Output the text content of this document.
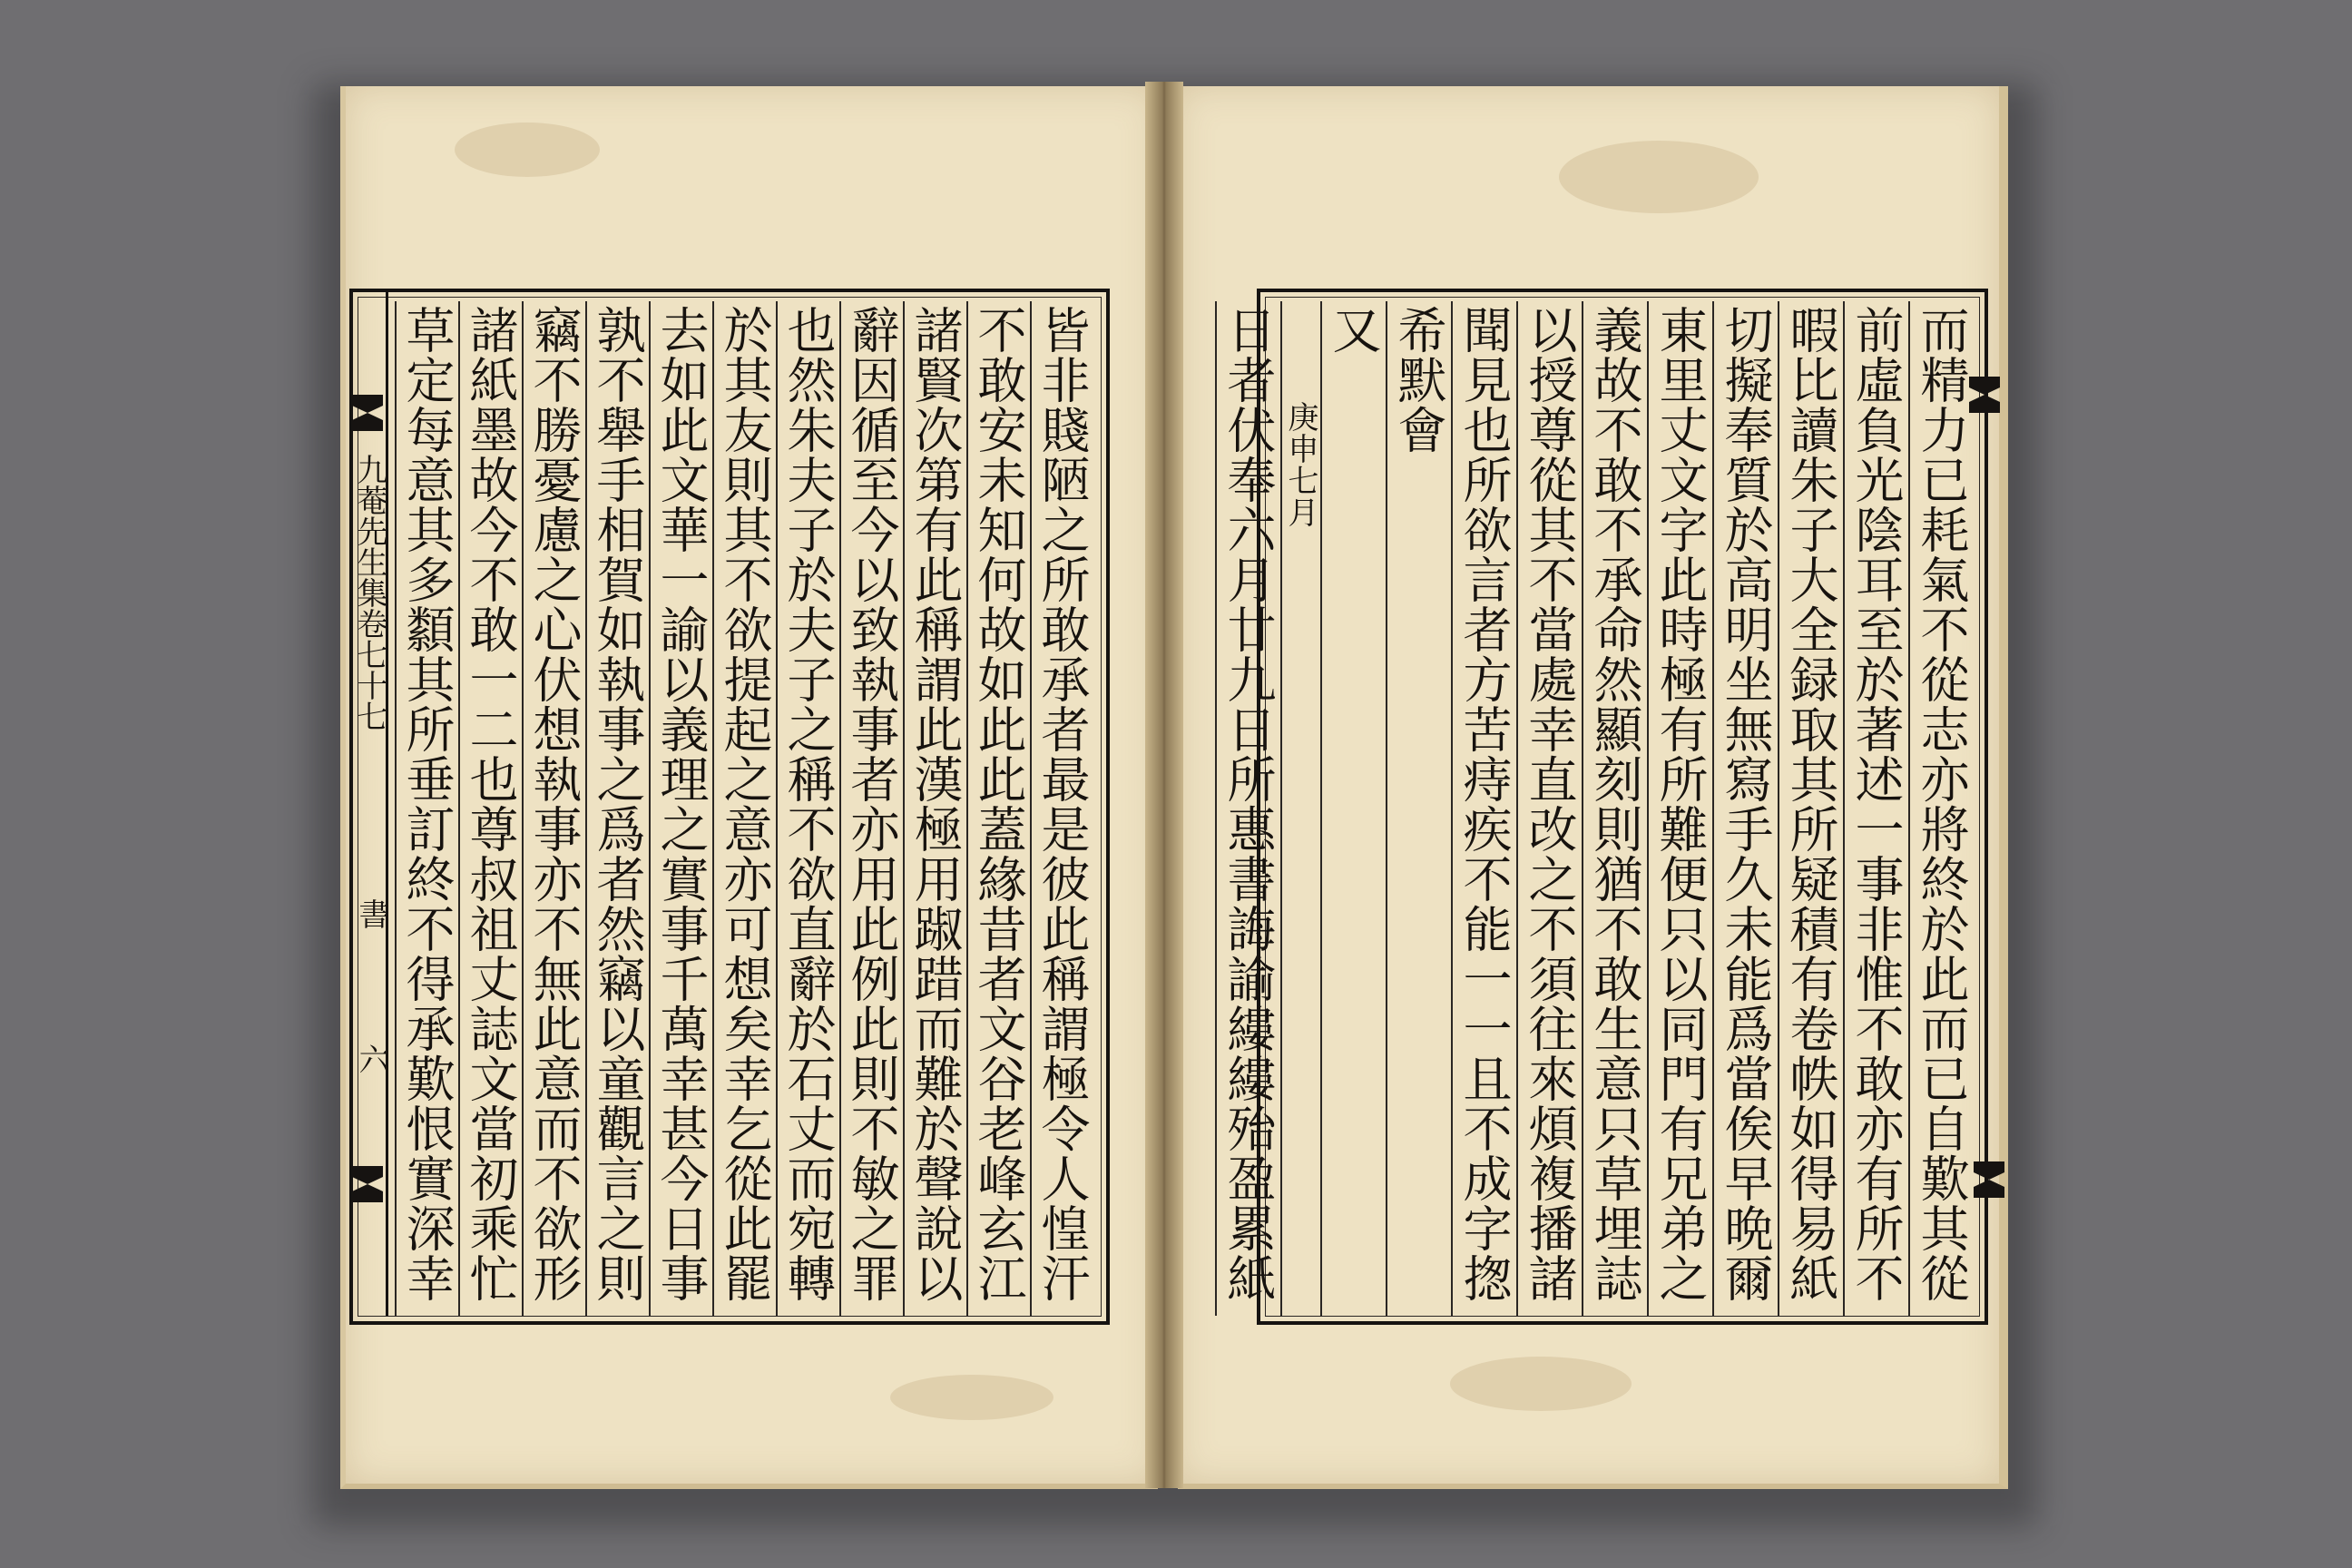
而精力已耗氣不從志亦將終於此而已自歎其從
前虛負光陰耳至於著述一事非惟不敢亦有所不
暇比讀朱子大全録取其所疑積有卷帙如得易紙
切擬奉質於高明坐無寫手久未能爲當俟早晩爾
東里丈文字此時極有所難便只以同門有兄弟之
義故不敢不承命然顯刻則猶不敢生意只草埋誌
以授尊從其不當處幸直改之不須往來煩複播諸
聞見也所欲言者方苦痔疾不能一一且不成字揔
希默會
又
庚申七月
日者伏奉六月廿九日所惠書誨諭縷縷殆盈累紙
皆非賤陋之所敢承者最是彼此稱謂極令人惶汗
不敢安未知何故如此此蓋緣昔者文谷老峰玄江
諸賢次第有此稱謂此漢極用踧踖而難於聲說以
辭因循至今以致執事者亦用此例此則不敏之罪
也然朱夫子於夫子之稱不欲直辭於石丈而宛轉
於其友則其不欲提起之意亦可想矣幸乞從此罷
去如此文華一諭以義理之實事千萬幸甚今日事
孰不舉手相賀如執事之爲者然竊以童觀言之則
竊不勝憂慮之心伏想執事亦不無此意而不欲形
諸紙墨故今不敢一二也尊叔祖丈誌文當初乘忙
草定每意其多纇其所垂訂終不得承歎恨實深幸
九菴先生集卷七十七
書
六
